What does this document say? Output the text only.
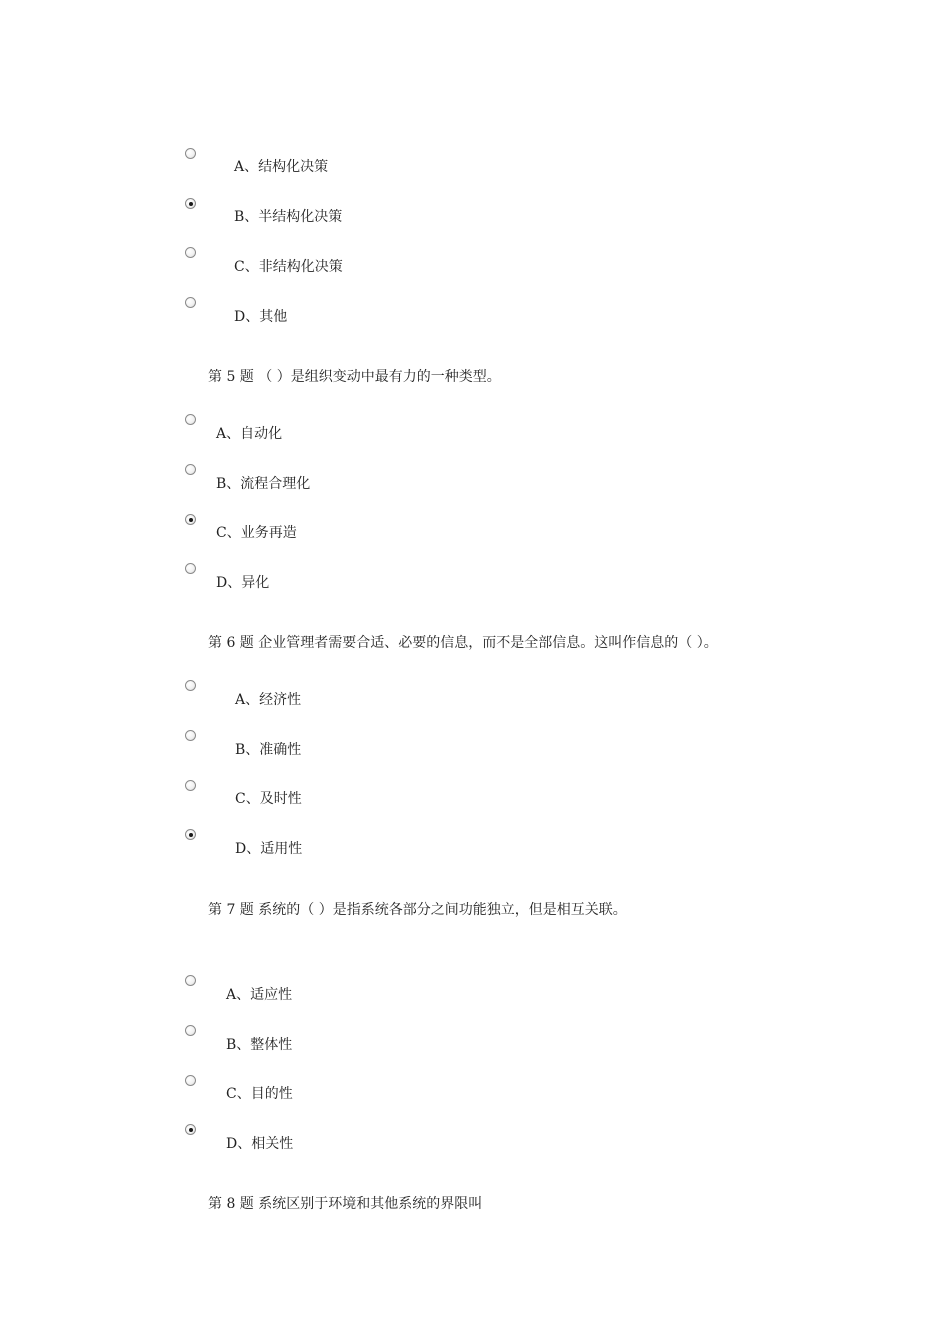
A、结构化决策
B、半结构化决策
C、非结构化决策
D、其他
第 5 题 （ ）是组织变动中最有力的一种类型。
A、自动化
B、流程合理化
C、业务再造
D、异化
第 6 题 企业管理者需要合适、必要的信息，而不是全部信息。这叫作信息的（ ）。
A、经济性
B、准确性
C、及时性
D、适用性
第 7 题 系统的（ ）是指系统各部分之间功能独立，但是相互关联。
A、适应性
B、整体性
C、目的性
D、相关性
第 8 题 系统区别于环境和其他系统的界限叫
